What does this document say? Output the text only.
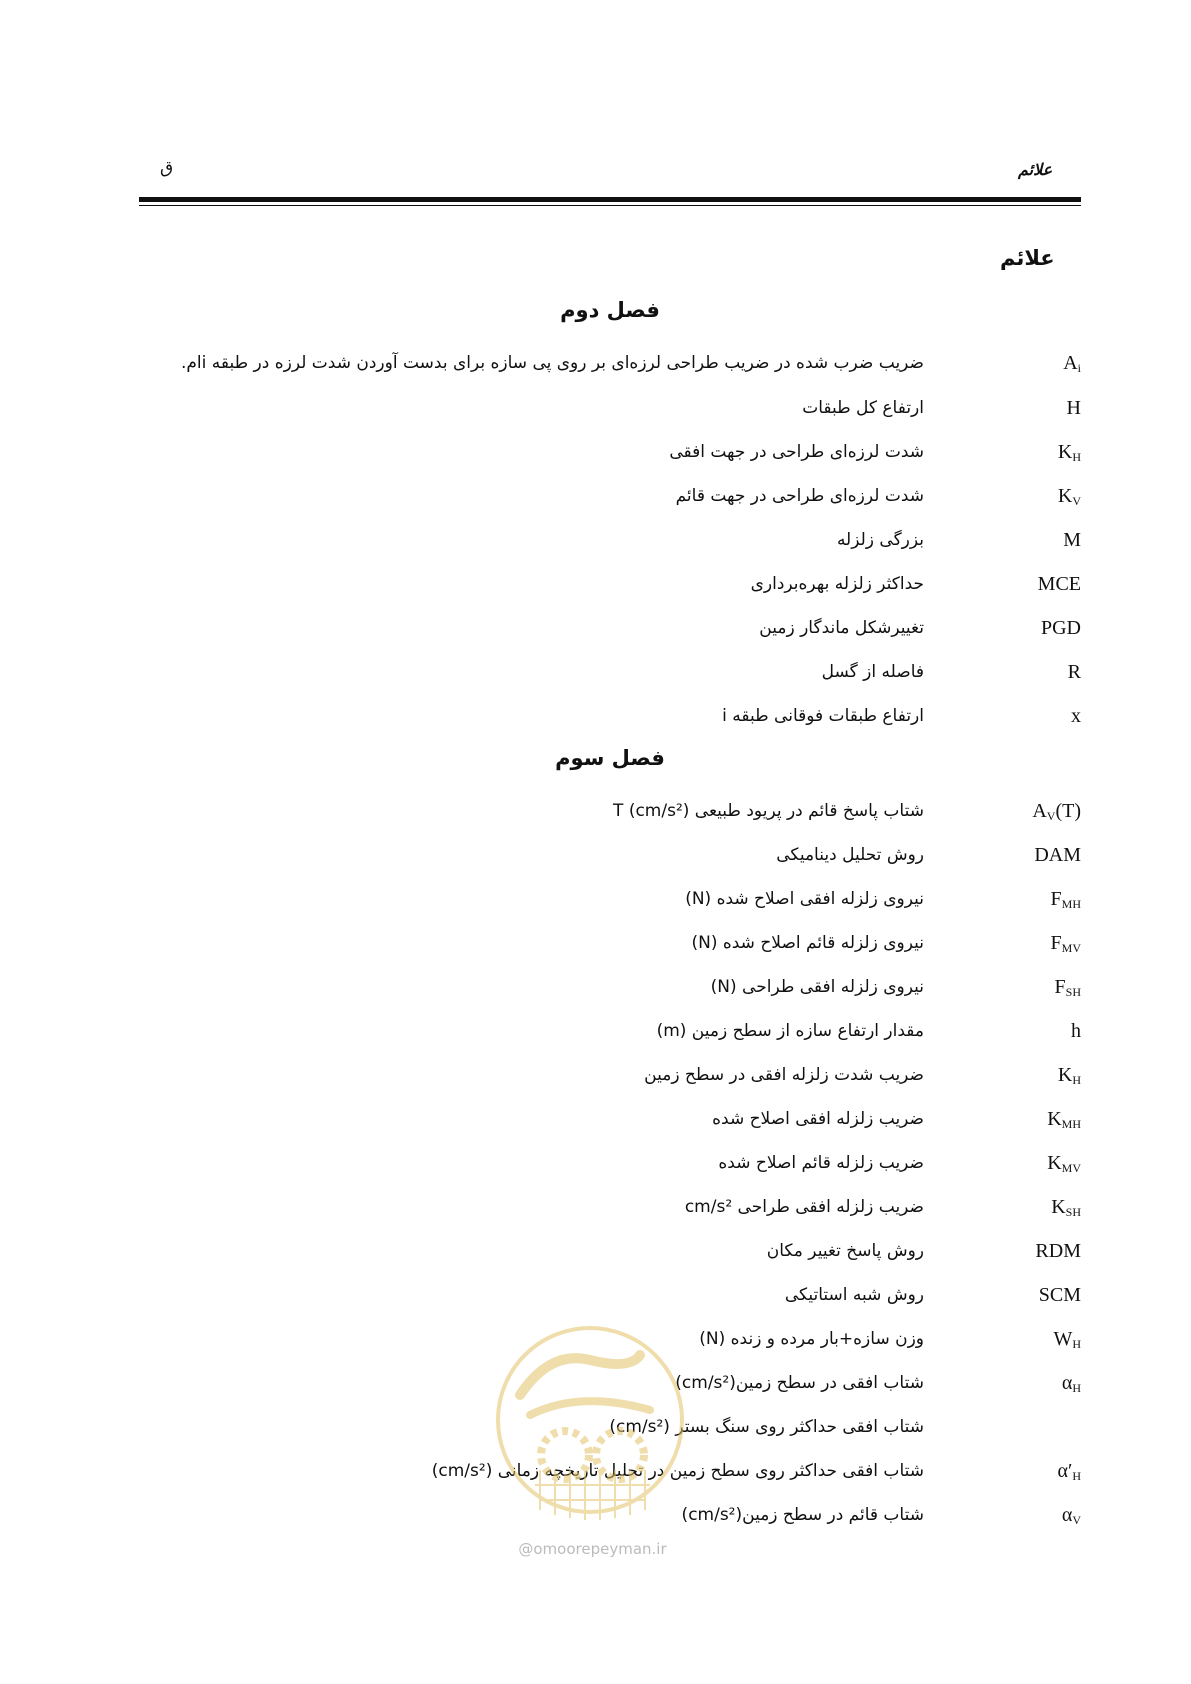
ق	علائم
علائم
فصل دوم
$A_i$
ضریب ضرب شده در ضریب طراحی لرزه‌ای بر روی پی سازه برای بدست آوردن شدت لرزه در طبقه iام.
H
ارتفاع کل طبقات
$K_H$
شدت لرزه‌ای طراحی در جهت افقی
$K_V$
شدت لرزه‌ای طراحی در جهت قائم
M
بزرگی زلزله
MCE
حداکثر زلزله بهره‌برداری
PGD
تغییرشکل ماندگار زمین
R
فاصله از گسل
x
ارتفاع طبقات فوقانی طبقه i
فصل سوم
$A_V(T)$
شتاب پاسخ قائم در پریود طبیعی T (cm/s²)
DAM
روش تحلیل دینامیکی
$F_{MH}$
نیروی زلزله افقی اصلاح شده (N)
$F_{MV}$
نیروی زلزله قائم اصلاح شده (N)
$F_{SH}$
نیروی زلزله افقی طراحی (N)
h
مقدار ارتفاع سازه از سطح زمین (m)
$K_H$
ضریب شدت زلزله افقی در سطح زمین
$K_{MH}$
ضریب زلزله افقی اصلاح شده
$K_{MV}$
ضریب زلزله قائم اصلاح شده
$K_{SH}$
ضریب زلزله افقی طراحی cm/s²
RDM
روش پاسخ تغییر مکان
SCM
روش شبه استاتیکی
$W_H$
وزن سازه+بار مرده و زنده (N)
$\alpha_H$
شتاب افقی در سطح زمین(cm/s²)
شتاب افقی حداکثر روی سنگ بستر (cm/s²)
$\alpha'_H$
شتاب افقی حداکثر روی سطح زمین در تحلیل تاریخچه زمانی (cm/s²)
$\alpha_V$
شتاب قائم در سطح زمین(cm/s²)
@omoorepeyman.ir
